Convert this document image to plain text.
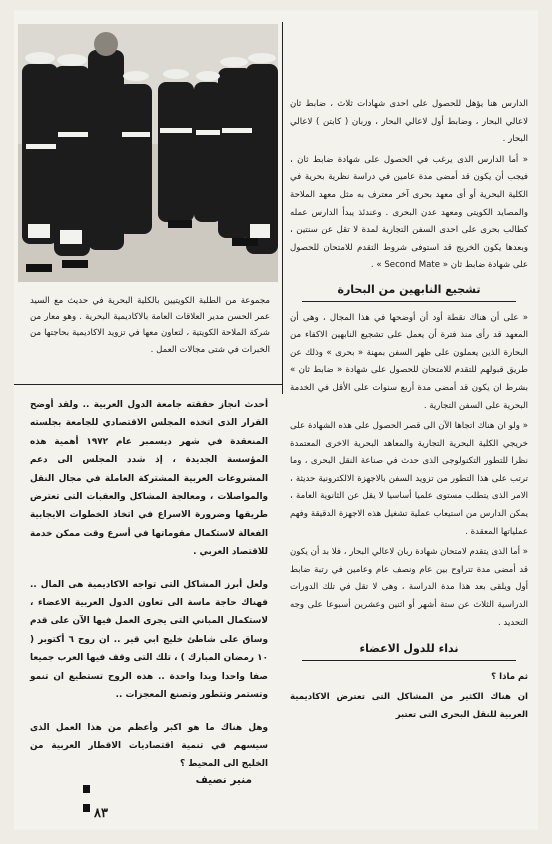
مجموعة من الطلبة الكويتيين بالكلية البحرية في حديث مع السيد عمر الحسن مدير العلاقات العامة بالاكاديمية البحرية . وهو معار من شركة الملاحة الكويتية ، لتعاون معها في تزويد الاكاديمية بحاجتها من الخبرات في شتى مجالات العمل .

أحدث انجاز حققته جامعة الدول العربية .. ولقد أوضح القرار الذى اتخذه المجلس الاقتصادي للجامعة بجلسته المنعقدة في شهر ديسمبر عام ١٩٧٢ أهمية هذه المؤسسة الجديدة ، إذ شدد المجلس الى دعم المشروعات العربية المشتركة العاملة في مجال النقل والمواصلات ، ومعالجة المشاكل والعقبات التى تعترض طريقها وضرورة الاسراع في اتخاذ الخطوات الايجابية الفعالة لاستكمال مقوماتها في أسرع وقت ممكن خدمة للاقتصاد العربي .

ولعل أبرز المشاكل التى تواجه الاكاديمية هى المال .. فهناك حاجة ماسة الى تعاون الدول العربية الاعضاء ، لاستكمال المباني التى يجرى العمل فيها الآن على قدم وساق على شاطئ خليج ابي قير .. ان روح ٦ أكتوبر ( ١٠ رمضان المبارك ) ، تلك التى وقف فيها العرب جميعا صفا واحدا ويدا واحدة .. هذه الروح تستطيع ان تنمو وتستمر وتتطور وتصنع المعجزات ..

وهل هناك ما هو اكبر وأعظم من هذا العمل الذى سيسهم في تنمية اقتصاديات الاقطار العربية من الخليج الى المحيط ؟

منير نصيف
٨٣

الدارس هنا يؤهل للحصول على احدى شهادات ثلاث ، ضابط ثان لاعالي البحار ، وضابط أول لاعالي البحار ، وربان ( كابتن ) لاعالي البحار .

« أما الدارس الذى يرغب في الحصول على شهادة ضابط ثان ، فيجب أن يكون قد أمضى مدة عامين في دراسة نظرية بحرية في الكلية البحرية أو أى معهد بحرى آخر معترف به مثل معهد الملاحة والمصايد الكويتى ومعهد عدن البحرى . وعندئذ يبدأ الدارس عمله كطالب بحرى على احدى السفن التجارية لمدة لا تقل عن سنتين ، وبعدها يكون الخريج قد استوفى شروط التقدم للامتحان للحصول على شهادة ضابط ثان « Second Mate » .

تشجيع النابهين من البحارة

« على أن هناك نقطة أود أن أوضحها في هذا المجال ، وهى أن المعهد قد رأى منذ فترة أن يعمل على تشجيع النابهين الاكفاء من البحارة الذين يعملون على ظهر السفن بمهنة « بحرى » وذلك عن طريق قبولهم للتقدم للامتحان للحصول على شهادة « ضابط ثان » بشرط ان يكون قد أمضى مدة أربع سنوات على الأقل في الخدمة البحرية على السفن التجارية .

« ولو ان هناك اتجاها الآن الى قصر الحصول على هذه الشهادة على خريجي الكلية البحرية التجارية والمعاهد البحرية الاخرى المعتمدة نظرا للتطور التكنولوجى الذى حدث في صناعة النقل البحرى ، وما ترتب على هذا التطور من تزويد السفن بالاجهزة الالكترونية حديثة ، الامر الذى يتطلب مستوى علميا أساسيا لا يقل عن الثانوية العامة ، يمكن الدارس من استيعاب عملية تشغيل هذه الاجهزة الدقيقة وفهم عملياتها المعقدة .

« أما الذى يتقدم لامتحان شهادة ربان لاعالي البحار ، فلا بد أن يكون قد أمضى مدة تتراوح بين عام ونصف عام وعامين في رتبة ضابط أول ويلقى بعد هذا مدة الدراسة ، وهى لا تقل في تلك الدورات الدراسية الثلاث عن ستة أشهر أو اثنين وعشرين أسبوعا على وجه التحديد .

نداء للدول الاعضاء

ثم ماذا ؟

ان هناك الكثير من المشاكل التى تعترض الاكاديمية العربية للنقل البحرى التى تعتبر
